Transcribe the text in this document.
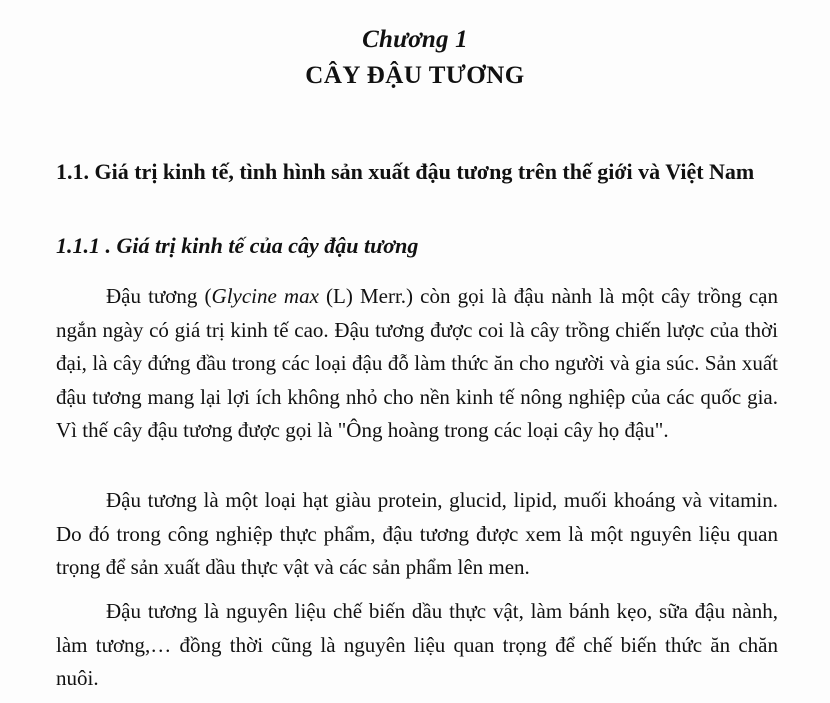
Chương 1
CÂY ĐẬU TƯƠNG
1.1. Giá trị kinh tế, tình hình sản xuất đậu tương trên thế giới và Việt Nam
1.1.1 . Giá trị kinh tế của cây đậu tương

Đậu tương (Glycine max (L) Merr.) còn gọi là đậu nành là một cây trồng cạn ngắn ngày có giá trị kinh tế cao. Đậu tương được coi là cây trồng chiến lược của thời đại, là cây đứng đầu trong các loại đậu đỗ làm thức ăn cho người và gia súc. Sản xuất đậu tương mang lại lợi ích không nhỏ cho nền kinh tế nông nghiệp của các quốc gia. Vì thế cây đậu tương được gọi là "Ông hoàng trong các loại cây họ đậu".

Đậu tương là một loại hạt giàu protein, glucid, lipid, muối khoáng và vitamin. Do đó trong công nghiệp thực phẩm, đậu tương được xem là một nguyên liệu quan trọng để sản xuất dầu thực vật và các sản phẩm lên men.

Đậu tương là nguyên liệu chế biến dầu thực vật, làm bánh kẹo, sữa đậu nành, làm tương,… đồng thời cũng là nguyên liệu quan trọng để chế biến thức ăn chăn nuôi.
